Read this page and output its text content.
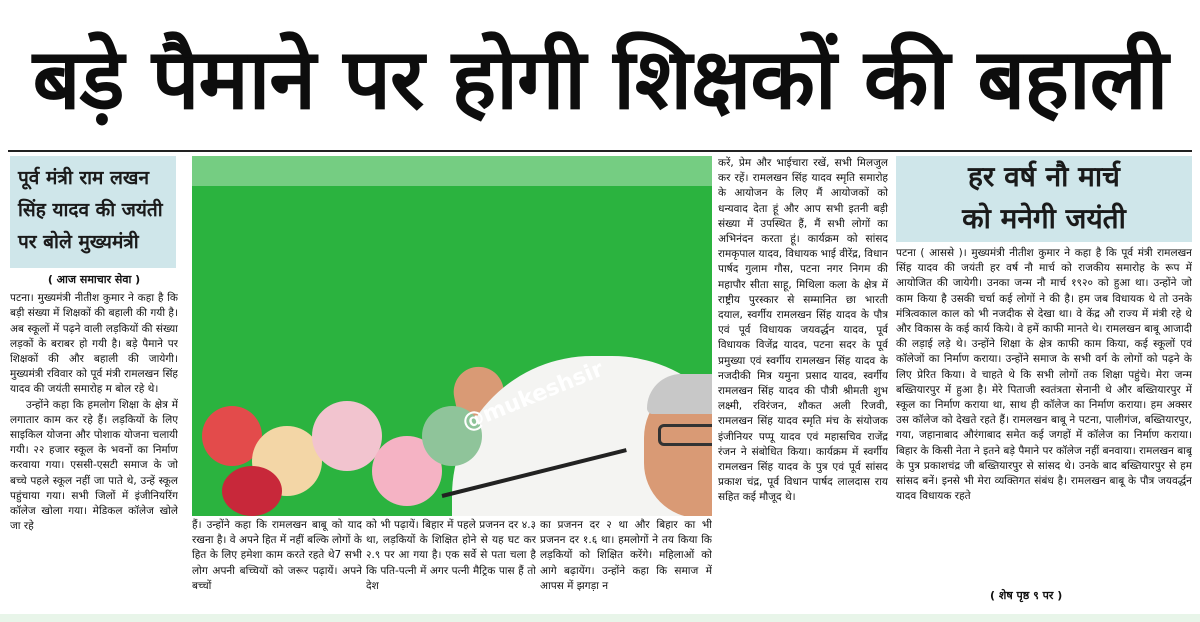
बड़े पैमाने पर होगी शिक्षकों की बहाली

पूर्व मंत्री राम लखन सिंह यादव की जयंती पर बोले मुख्यमंत्री

( आज समाचार सेवा )

पटना। मुख्यमंत्री नीतीश कुमार ने कहा है कि बड़ी संख्या में शिक्षकों की बहाली की गयी है। अब स्कूलों में पढ़ने वाली लड़कियों की संख्या लड़कों के बराबर हो गयी है। बड़े पैमाने पर शिक्षकों की और बहाली की जायेगी। मुख्यमंत्री रविवार को पूर्व मंत्री रामलखन सिंह यादव की जयंती समारोह म बोल रहे थे।

उन्होंने कहा कि हमलोग शिक्षा के क्षेत्र में लगातार काम कर रहे हैं। लड़कियों के लिए साइकिल योजना और पोशाक योजना चलायी गयी। २२ हजार स्कूल के भवनों का निर्माण करवाया गया। एससी-एसटी समाज के जो बच्चे पहले स्कूल नहीं जा पाते थे, उन्हें स्कूल पहुंचाया गया। सभी जिलों में इंजीनियरिंग कॉलेज खोला गया। मेडिकल कॉलेज खोले जा रहे

@mukeshsir
हैं। उन्होंने कहा कि रामलखन बाबू को याद रखना है। वे अपने हित में नहीं बल्कि लोगों के हित के लिए हमेशा काम करते रहते थे7 सभी लोग अपनी बच्चियों को जरूर पढ़ायें। अपने बच्चों
को भी पढ़ायें। बिहार में पहले प्रजनन दर ४.३ था, लड़कियों के शिक्षित होने से यह घट कर २.९ पर आ गया है। एक सर्वे से पता चला है कि पति-पत्नी में अगर पत्नी मैट्रिक पास हैं तो देश
का प्रजनन दर २ था और बिहार का भी प्रजनन दर १.६ था। हमलोगों ने तय किया कि लड़कियों को शिक्षित करेंगे। महिलाओं को आगे बढ़ायेंग। उन्होंने कहा कि समाज में आपस में झगड़ा न
करें, प्रेम और भाईचारा रखें, सभी मिलजुल कर रहें। रामलखन सिंह यादव स्मृति समारोह के आयोजन के लिए मैं आयोजकों को धन्यवाद देता हूं और आप सभी इतनी बड़ी संख्या में उपस्थित हैं, मैं सभी लोगों का अभिनंदन करता हूं। कार्यक्रम को सांसद रामकृपाल यादव, विधायक भाई वीरेंद्र, विधान पार्षद गुलाम गौस, पटना नगर निगम की महापौर सीता साहू, मिथिला कला के क्षेत्र में राष्ट्रीय पुरस्कार से सम्मानित छा भारती दयाल, स्वर्गीय रामलखन सिंह यादव के पौत्र एवं पूर्व विधायक जयवर्द्धन यादव, पूर्व विधायक विजेंद्र यादव, पटना सदर के पूर्व प्रमुख्या एवं स्वर्गीय रामलखन सिंह यादव के नजदीकी मित्र यमुना प्रसाद यादव, स्वर्गीय रामलखन सिंह यादव की पौत्री श्रीमती शुभ लक्ष्मी, रविरंजन, शौकत अली रिजवी, रामलखन सिंह यादव स्मृति मंच के संयोजक इंजीनियर पप्पू यादव एवं महासचिव राजेंद्र रंजन ने संबोधित किया। कार्यक्रम में स्वर्गीय रामलखन सिंह यादव के पुत्र एवं पूर्व सांसद प्रकाश चंद्र, पूर्व विधान पार्षद लालदास राय सहित कई मौजूद थे।

हर वर्ष नौ मार्च

को मनेगी जयंती

पटना ( आससे )। मुख्यमंत्री नीतीश कुमार ने कहा है कि पूर्व मंत्री रामलखन सिंह यादव की जयंती हर वर्ष नौ मार्च को राजकीय समारोह के रूप में आयोजित की जायेगी। उनका जन्म नौ मार्च १९२० को हुआ था। उन्होंने जो काम किया है उसकी चर्चा कई लोगों ने की है। हम जब विधायक थे तो उनके मंत्रित्वकाल काल को भी नजदीक से देखा था। वे केंद्र औ राज्य में मंत्री रहे थे और विकास के कई कार्य किये। वे हमें काफी मानते थे। रामलखन बाबू आजादी की लड़ाई लड़े थे। उन्होंने शिक्षा के क्षेत्र काफी काम किया, कई स्कूलों एवं कॉलेजों का निर्माण कराया। उन्होंने समाज के सभी वर्ग के लोगों को पढ़ने के लिए प्रेरित किया। वे चाहते थे कि सभी लोगों तक शिक्षा पहुंचे। मेरा जन्म बख्तियारपुर में हुआ है। मेरे पिताजी स्वतंत्रता सेनानी थे और बख्तियारपुर में स्कूल का निर्माण कराया था, साथ ही कॉलेज का निर्माण कराया। हम अक्सर उस कॉलेज को देखते रहते हैं। रामलखन बाबू ने पटना, पालीगंज, बख्तियारपुर, गया, जहानाबाद औरंगाबाद समेत कई जगहों में कॉलेज का निर्माण कराया। बिहार के किसी नेता ने इतने बड़े पैमाने पर कॉलेज नहीं बनवाया। रामलखन बाबू के पुत्र प्रकाशचंद्र जी बख्तियारपुर से सांसद थे। उनके बाद बख्तियारपुर से हम सांसद बनें। इनसे भी मेरा व्यक्तिगत संबंध है। रामलखन बाबू के पौत्र जयवर्द्धन यादव विधायक रहते
( शेष पृष्ठ ९ पर )
